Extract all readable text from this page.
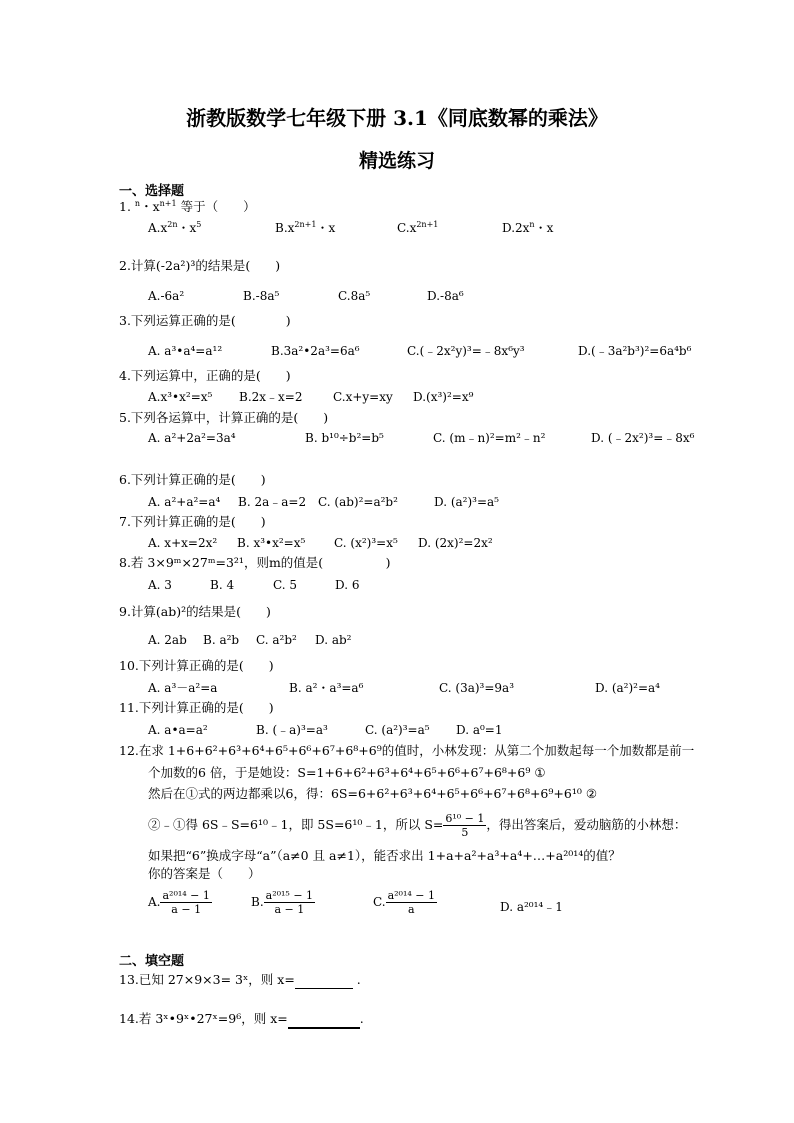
浙教版数学七年级下册 3.1《同底数幂的乘法》
精选练习
一、选择题
1. $^n$・$x^{n+1}$ 等于（　　）
$A.x^{2n}$・$x^5$	$B.x^{2n+1}$・x	$C.x^{2n+1}$	$D.2x^n$・x
2.计算(-2a²)³的结果是(　　)
A.-6a²	B.-8a⁵	C.8a⁵	D.-8a⁶
3.下列运算正确的是(　　　　)
A. a³•a⁴=a¹²	B.3a²•2a³=6a⁶	C.(﹣2x²y)³=﹣8x⁶y³	D.(﹣3a²b³)²=6a⁴b⁶
4.下列运算中，正确的是(　　)
A.x³•x²=x⁵ B.2x﹣x=2	C.x+y=xy D.(x³)²=x⁹
5.下列各运算中，计算正确的是(　　)
A. a²+2a²=3a⁴	B. b¹⁰÷b²=b⁵	C. (m﹣n)²=m²﹣n²	D. (﹣2x²)³=﹣8x⁶
6.下列计算正确的是(　　)
A. a²+a²=a⁴ B. 2a﹣a=2 C. (ab)²=a²b²	D. (a²)³=a⁵
7.下列计算正确的是(　　)
A. x+x=2x² B. x³•x²=x⁵ C. (x²)³=x⁵ D. (2x)²=2x²
8.若 3×9ᵐ×27ᵐ=3²¹，则m的值是(　　　　　)
A. 3	B. 4	C. 5	D. 6
9.计算(ab)²的结果是(　　)
A. 2ab B. a²b C. a²b² D. ab²
10.下列计算正确的是(　　)
A. a³－a²=a	B. a²・a³=a⁶	C. (3a)³=9a³	D. (a²)²=a⁴
11.下列计算正确的是(　　)
A. a•a=a²	B. (﹣a)³=a³	C. (a²)³=a⁵ D. a⁰=1
12.在求 1+6+6²+6³+6⁴+6⁵+6⁶+6⁷+6⁸+6⁹的值时，小林发现：从第二个加数起每一个加数都是前一
个加数的6 倍，于是她设：S=1+6+6²+6³+6⁴+6⁵+6⁶+6⁷+6⁸+6⁹ ①
然后在①式的两边都乘以6，得：6S=6+6²+6³+6⁴+6⁵+6⁶+6⁷+6⁸+6⁹+6¹⁰ ②
②﹣①得 6S﹣S=6¹⁰﹣1，即 5S=6¹⁰﹣1，所以 $S= \frac{\text{6¹⁰ − 1}}{5}$ ，得出答案后，爱动脑筋的小林想：
如果把“6”换成字母“a”（a≠0 且 a≠1），能否求出 1+a+a²+a³+a⁴+…+a²⁰¹⁴的值？
你的答案是（　　）
A. $\frac{\text{a²⁰¹⁴ − 1}}{a - 1}$	B. $\frac{\text{a²⁰¹⁵ − 1}}{a - 1}$	C. $\frac{\text{a²⁰¹⁴ − 1}}{a}$	D. a²⁰¹⁴﹣1
二、填空题
13.已知 27×9×3= 3ˣ，则 x=	.
14.若 3ˣ•9ˣ•27ˣ=9⁶，则 x=	.
